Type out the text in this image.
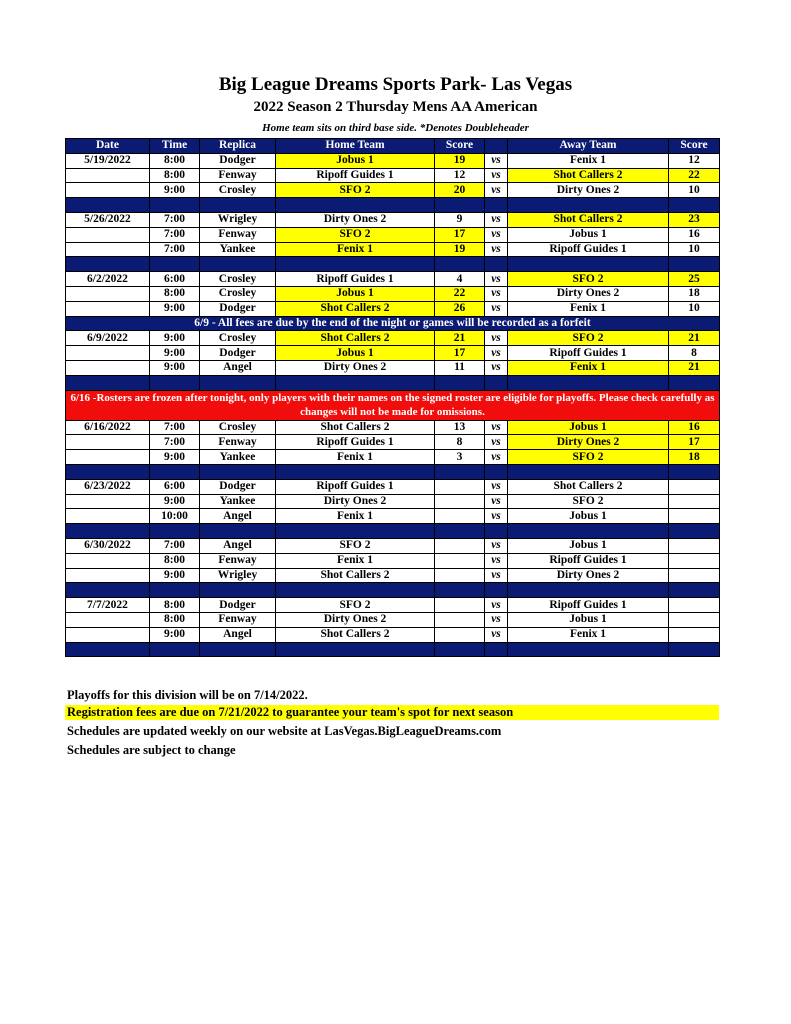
Big League Dreams Sports Park- Las Vegas
2022 Season 2 Thursday Mens AA American
Home team sits on third base side. *Denotes Doubleheader
Date	Time	Replica	Home Team	Score		Away Team	Score
5/19/2022	8:00	Dodger	Jobus 1	19	vs	Fenix 1	12
	8:00	Fenway	Ripoff Guides 1	12	vs	Shot Callers 2	22
	9:00	Crosley	SFO 2	20	vs	Dirty Ones 2	10

5/26/2022	7:00	Wrigley	Dirty Ones 2	9	vs	Shot Callers 2	23
	7:00	Fenway	SFO 2	17	vs	Jobus 1	16
	7:00	Yankee	Fenix 1	19	vs	Ripoff Guides 1	10

6/2/2022	6:00	Crosley	Ripoff Guides 1	4	vs	SFO 2	25
	8:00	Crosley	Jobus 1	22	vs	Dirty Ones 2	18
	9:00	Dodger	Shot Callers 2	26	vs	Fenix 1	10
6/9 - All fees are due by the end of the night or games will be recorded as a forfeit							
6/9/2022	9:00	Crosley	Shot Callers 2	21	vs	SFO 2	21
	9:00	Dodger	Jobus 1	17	vs	Ripoff Guides 1	8
	9:00	Angel	Dirty Ones 2	11	vs	Fenix 1	21

6/16 -Rosters are frozen after tonight, only players with their names on the signed roster are eligible for playoffs. Please check carefully as changes will not be made for omissions.							
6/16/2022	7:00	Crosley	Shot Callers 2	13	vs	Jobus 1	16
	7:00	Fenway	Ripoff Guides 1	8	vs	Dirty Ones 2	17
	9:00	Yankee	Fenix 1	3	vs	SFO 2	18

6/23/2022	6:00	Dodger	Ripoff Guides 1		vs	Shot Callers 2	
	9:00	Yankee	Dirty Ones 2		vs	SFO 2	
	10:00	Angel	Fenix 1		vs	Jobus 1	

6/30/2022	7:00	Angel	SFO 2		vs	Jobus 1	
	8:00	Fenway	Fenix 1		vs	Ripoff Guides 1	
	9:00	Wrigley	Shot Callers 2		vs	Dirty Ones 2	

7/7/2022	8:00	Dodger	SFO 2		vs	Ripoff Guides 1	
	8:00	Fenway	Dirty Ones 2		vs	Jobus 1	
	9:00	Angel	Shot Callers 2		vs	Fenix 1	

Playoffs for this division will be on 7/14/2022.
Registration fees are due on 7/21/2022 to guarantee your team's spot for next season
Schedules are updated weekly on our website at LasVegas.BigLeagueDreams.com
Schedules are subject to change
